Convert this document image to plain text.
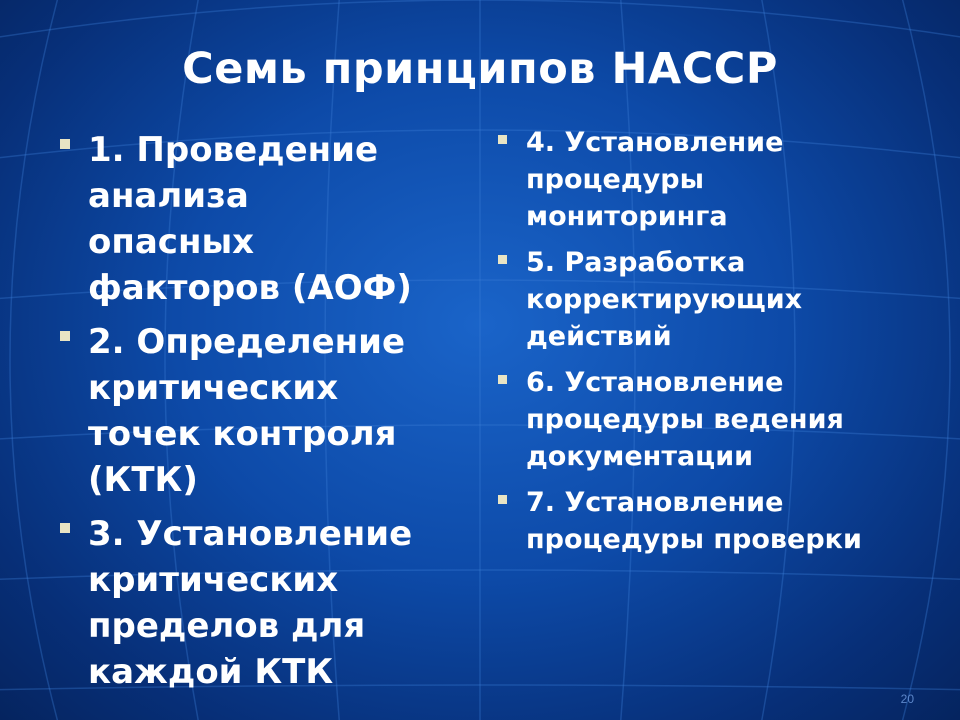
Семь принципов НАССР
1. Проведение
анализа
опасных
факторов (АОФ)
2. Определение
критических
точек контроля
(КТК)
3. Установление
критических
пределов для
каждой КТК
4. Установление
процедуры
мониторинга
5. Разработка
корректирующих
действий
6. Установление
процедуры ведения
документации
7. Установление
процедуры проверки
20
